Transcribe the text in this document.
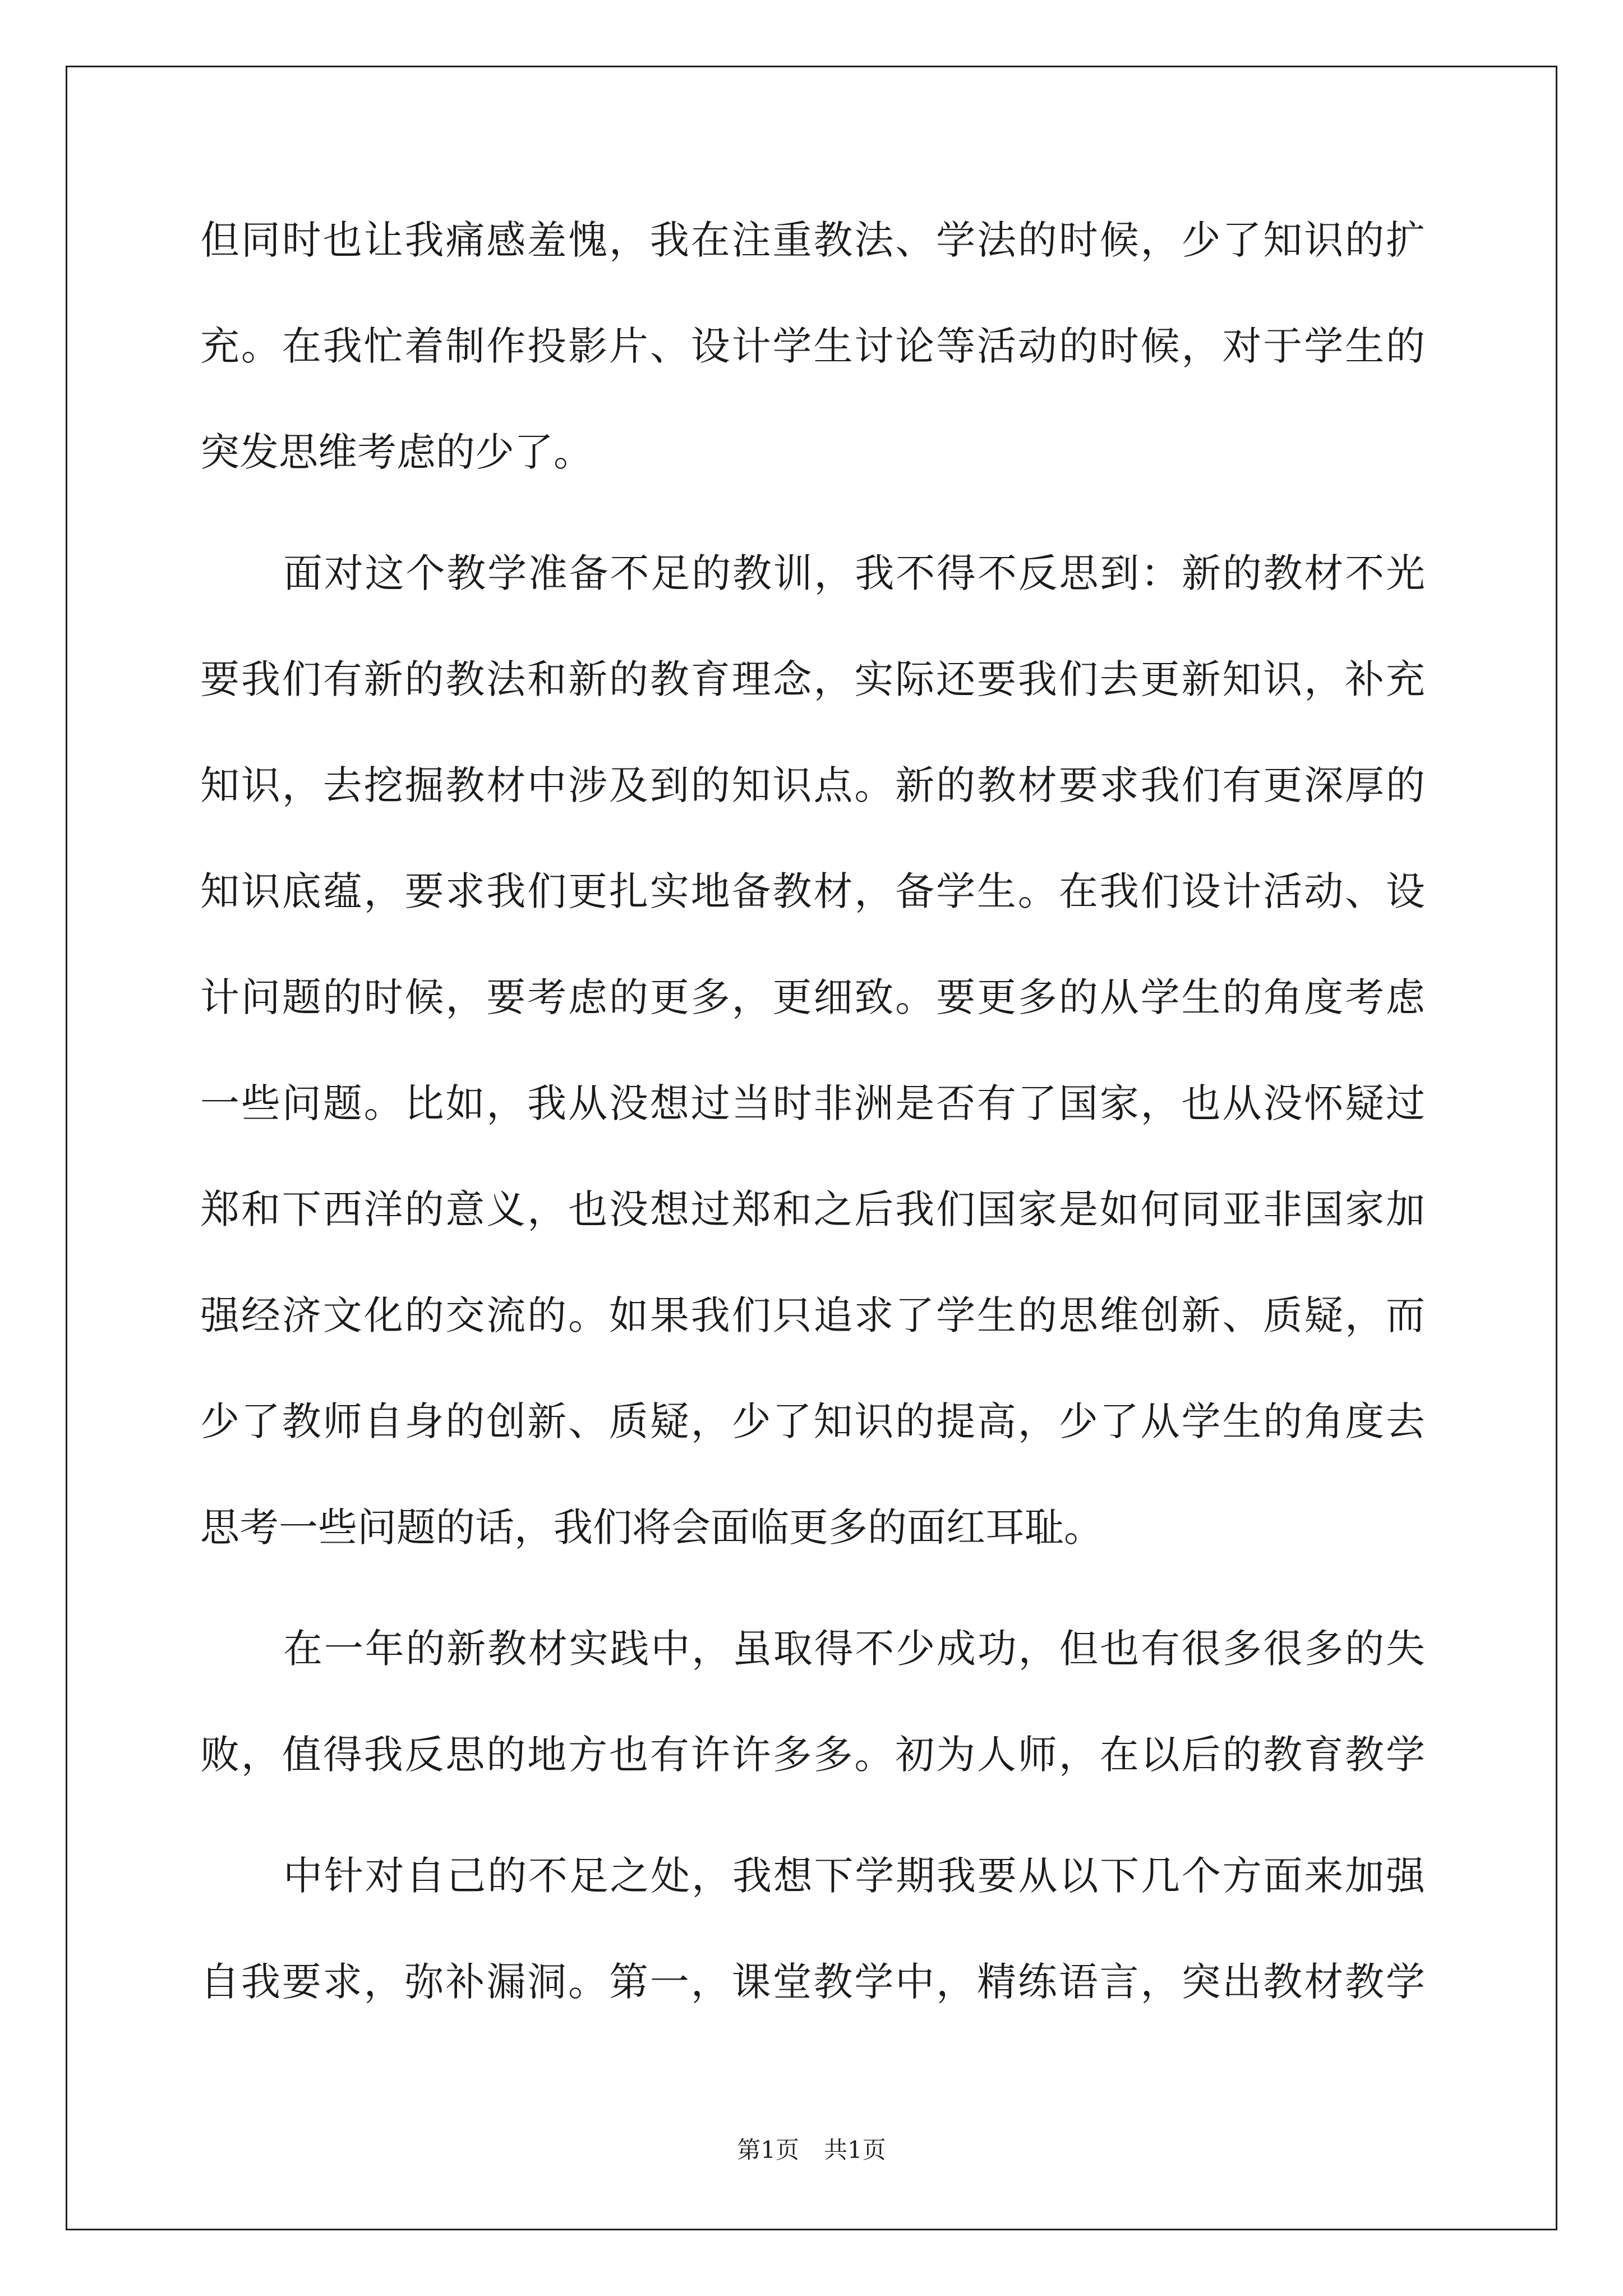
但同时也让我痛感羞愧，我在注重教法、学法的时候，少了知识的扩
充。在我忙着制作投影片、设计学生讨论等活动的时候，对于学生的
突发思维考虑的少了。
面对这个教学准备不足的教训，我不得不反思到：新的教材不光
要我们有新的教法和新的教育理念，实际还要我们去更新知识，补充
知识，去挖掘教材中涉及到的知识点。新的教材要求我们有更深厚的
知识底蕴，要求我们更扎实地备教材，备学生。在我们设计活动、设
计问题的时候，要考虑的更多，更细致。要更多的从学生的角度考虑
一些问题。比如，我从没想过当时非洲是否有了国家，也从没怀疑过
郑和下西洋的意义，也没想过郑和之后我们国家是如何同亚非国家加
强经济文化的交流的。如果我们只追求了学生的思维创新、质疑，而
少了教师自身的创新、质疑，少了知识的提高，少了从学生的角度去
思考一些问题的话，我们将会面临更多的面红耳耻。
在一年的新教材实践中，虽取得不少成功，但也有很多很多的失
败，值得我反思的地方也有许许多多。初为人师，在以后的教育教学
中针对自己的不足之处，我想下学期我要从以下几个方面来加强
自我要求，弥补漏洞。第一，课堂教学中，精练语言，突出教材教学
第1页 共1页
